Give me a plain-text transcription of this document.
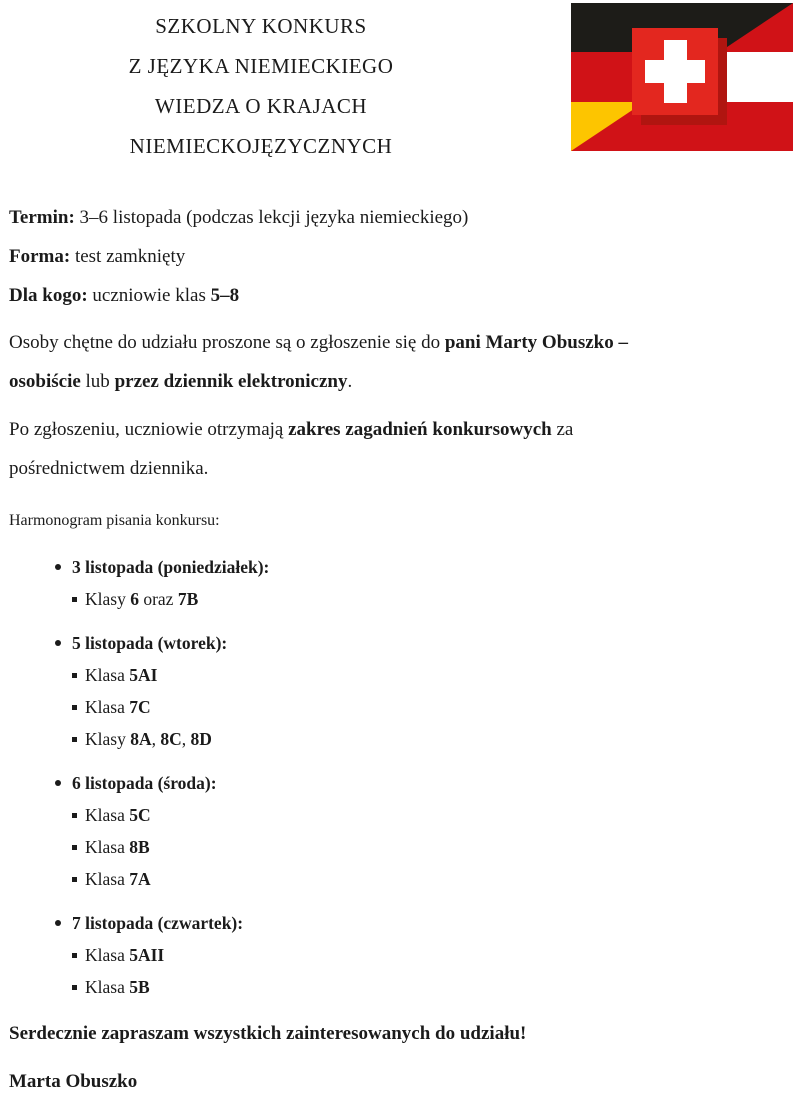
SZKOLNY KONKURS
Z JĘZYKA NIEMIECKIEGO
WIEDZA O KRAJACH
NIEMIECKOJĘZYCZNYCH
Termin: 3–6 listopada (podczas lekcji języka niemieckiego)
Forma: test zamknięty
Dla kogo: uczniowie klas 5–8
Osoby chętne do udziału proszone są o zgłoszenie się do pani Marty Obuszko –
osobiście lub przez dziennik elektroniczny.
Po zgłoszeniu, uczniowie otrzymają zakres zagadnień konkursowych za
pośrednictwem dziennika.
Harmonogram pisania konkursu:
3 listopada (poniedziałek):
Klasy 6 oraz 7B
5 listopada (wtorek):
Klasa 5AI
Klasa 7C
Klasy 8A, 8C, 8D
6 listopada (środa):
Klasa 5C
Klasa 8B
Klasa 7A
7 listopada (czwartek):
Klasa 5AII
Klasa 5B
Serdecznie zapraszam wszystkich zainteresowanych do udziału!
Marta Obuszko
